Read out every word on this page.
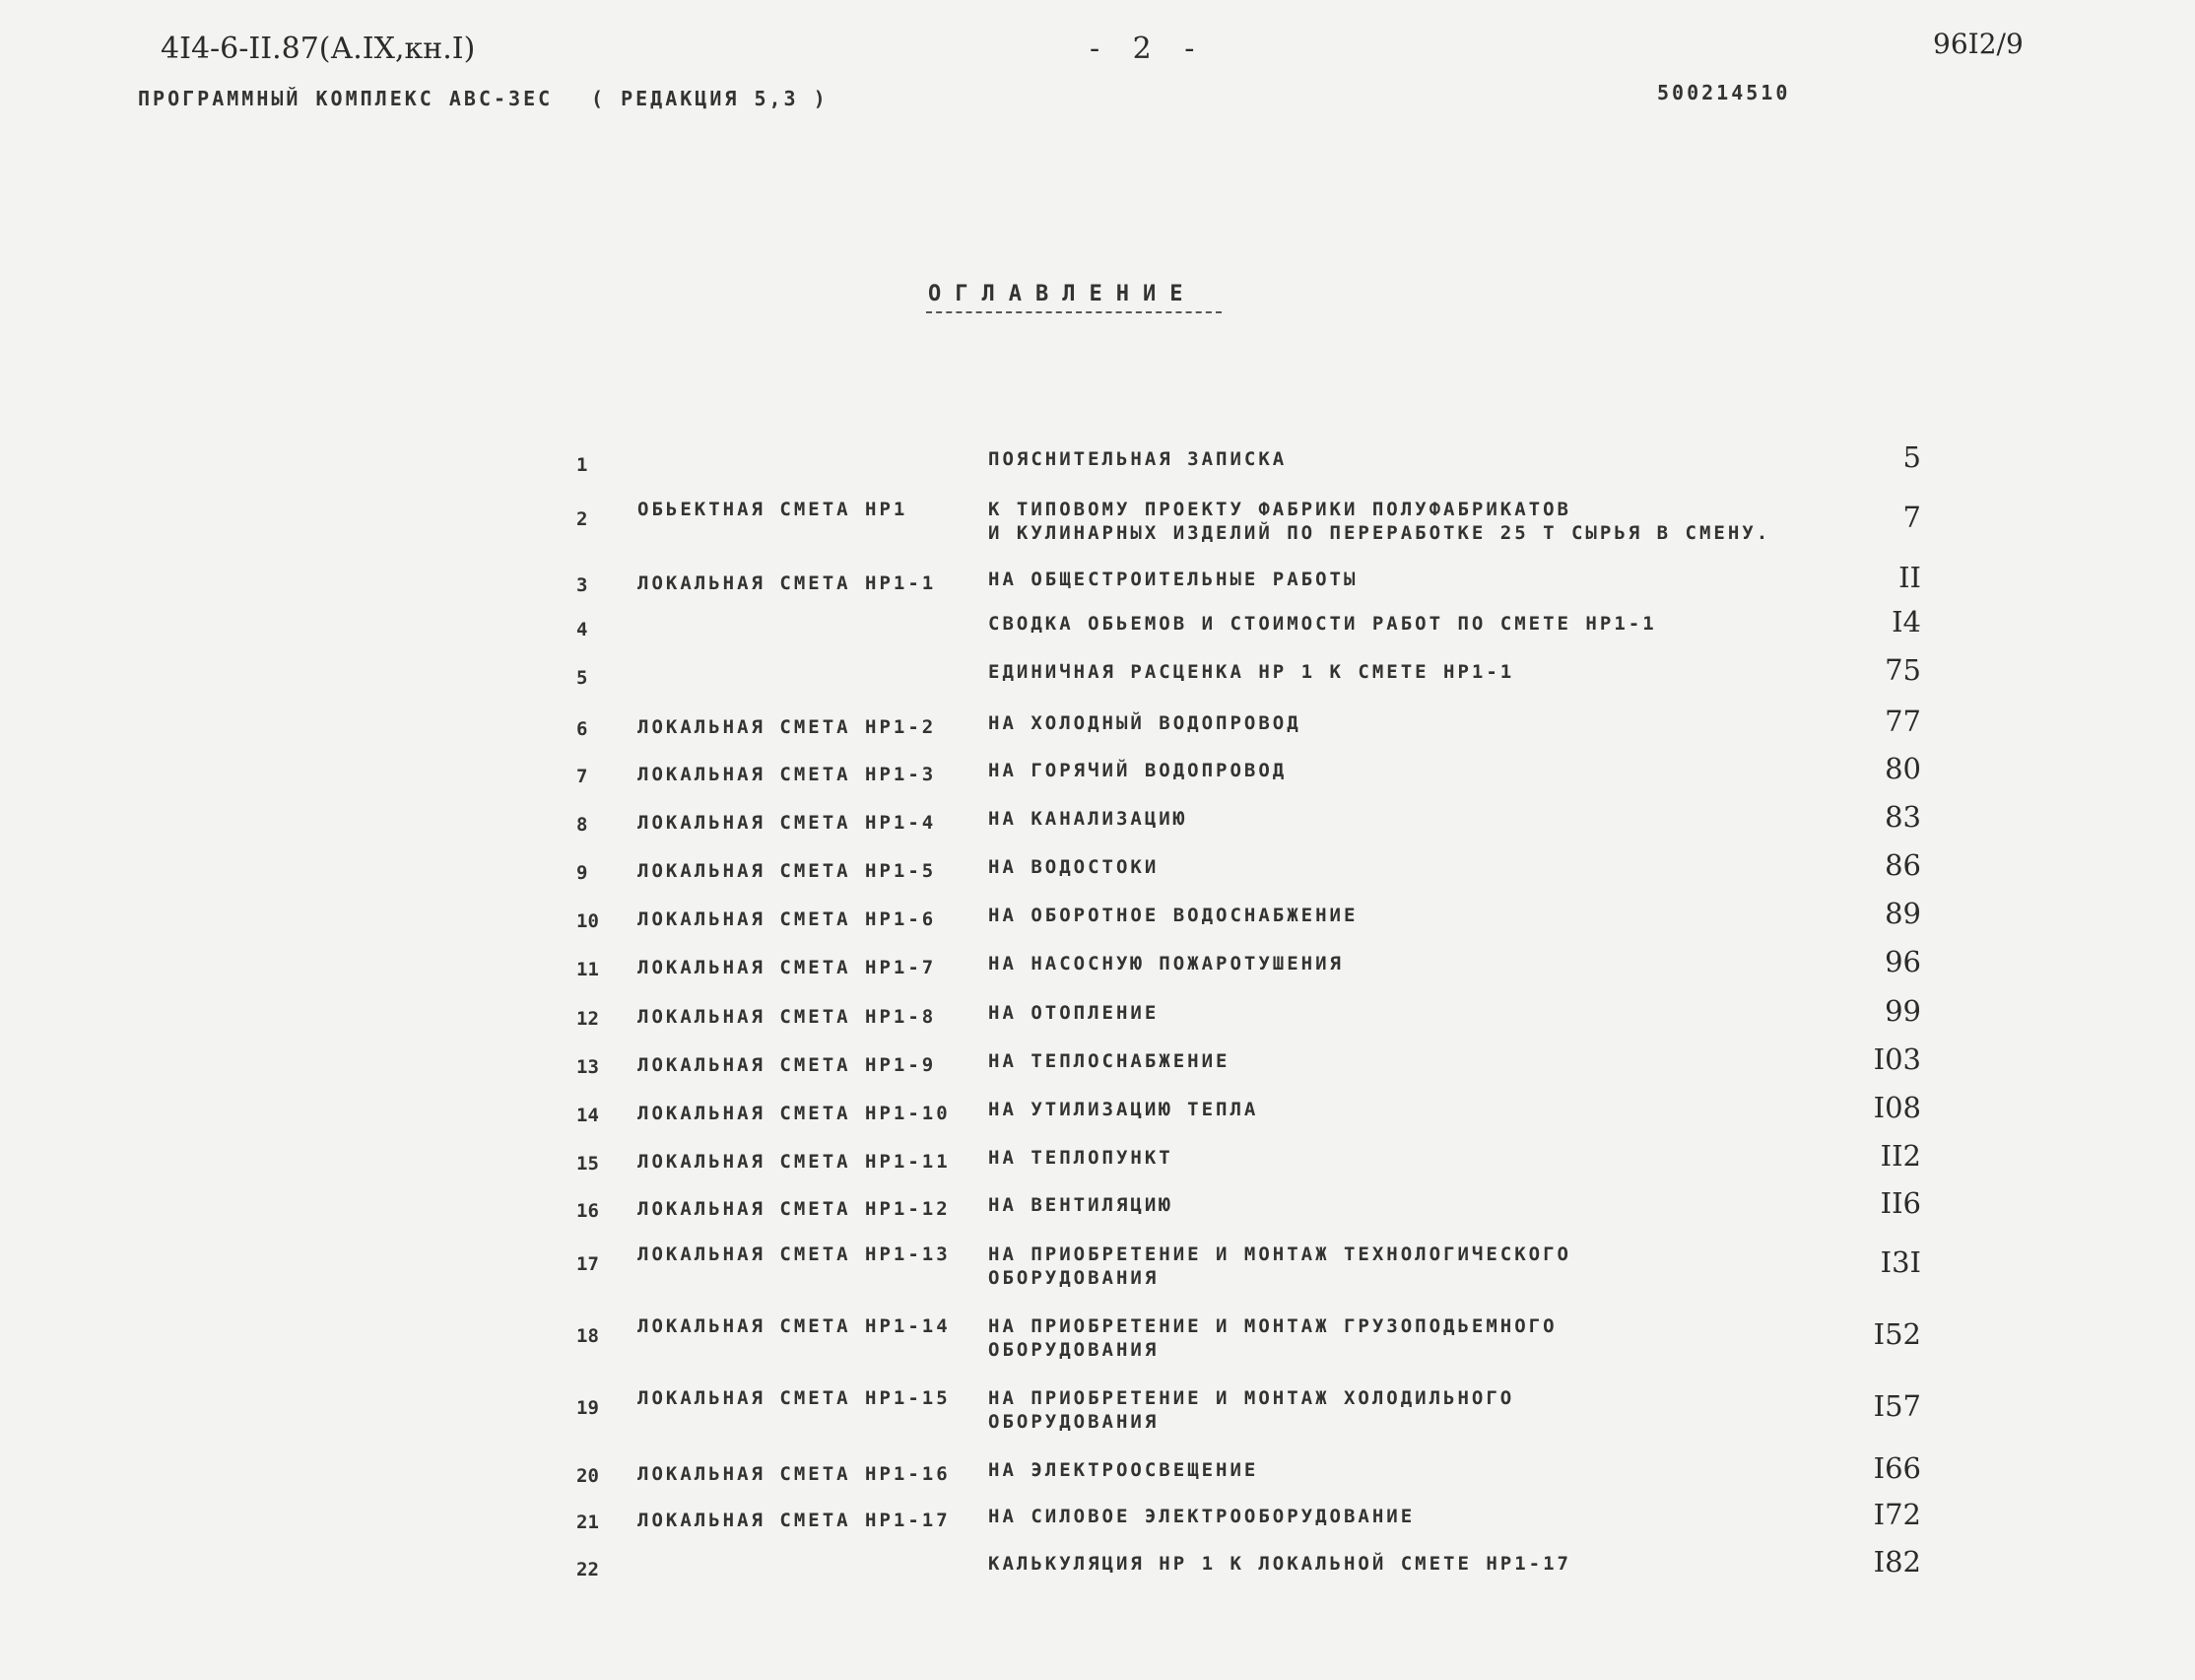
4I4-6-II.87(А.IX,кн.I)	- 2 -	96I2/9
ПРОГРАММНЫЙ КОМПЛЕКС АВС-ЗЕС ( РЕДАКЦИЯ 5,3 )	500214510
ОГЛАВЛЕНИЕ
1	ПОЯСНИТЕЛЬНАЯ ЗАПИСКА	5
2	ОБЬЕКТНАЯ СМЕТА НР1	К ТИПОВОМУ ПРОЕКТУ ФАБРИКИ ПОЛУФАБРИКАТОВ
И КУЛИНАРНЫХ ИЗДЕЛИЙ ПО ПЕРЕРАБОТКЕ 25 Т СЫРЬЯ В СМЕНУ.	7
3	ЛОКАЛЬНАЯ СМЕТА НР1-1	НА ОБЩЕСТРОИТЕЛЬНЫЕ РАБОТЫ	II
4	СВОДКА ОБЬЕМОВ И СТОИМОСТИ РАБОТ ПО СМЕТЕ НР1-1	I4
5	ЕДИНИЧНАЯ РАСЦЕНКА НР 1 К СМЕТЕ НР1-1	75
6	ЛОКАЛЬНАЯ СМЕТА НР1-2	НА ХОЛОДНЫЙ ВОДОПРОВОД	77
7	ЛОКАЛЬНАЯ СМЕТА НР1-3	НА ГОРЯЧИЙ ВОДОПРОВОД	80
8	ЛОКАЛЬНАЯ СМЕТА НР1-4	НА КАНАЛИЗАЦИЮ	83
9	ЛОКАЛЬНАЯ СМЕТА НР1-5	НА ВОДОСТОКИ	86
10 ЛОКАЛЬНАЯ СМЕТА НР1-6	НА ОБОРОТНОЕ ВОДОСНАБЖЕНИЕ	89
11 ЛОКАЛЬНАЯ СМЕТА НР1-7	НА НАСОСНУЮ ПОЖАРОТУШЕНИЯ	96
12 ЛОКАЛЬНАЯ СМЕТА НР1-8	НА ОТОПЛЕНИЕ	99
13 ЛОКАЛЬНАЯ СМЕТА НР1-9	НА ТЕПЛОСНАБЖЕНИЕ	I03
14 ЛОКАЛЬНАЯ СМЕТА НР1-10 НА УТИЛИЗАЦИЮ ТЕПЛА	I08
15 ЛОКАЛЬНАЯ СМЕТА НР1-11 НА ТЕПЛОПУНКТ	II2
16 ЛОКАЛЬНАЯ СМЕТА НР1-12 НА ВЕНТИЛЯЦИЮ	II6
17 ЛОКАЛЬНАЯ СМЕТА НР1-13 НА ПРИОБРЕТЕНИЕ И МОНТАЖ ТЕХНОЛОГИЧЕСКОГО
ОБОРУДОВАНИЯ	I3I
18 ЛОКАЛЬНАЯ СМЕТА НР1-14 НА ПРИОБРЕТЕНИЕ И МОНТАЖ ГРУЗОПОДЬЕМНОГО
ОБОРУДОВАНИЯ	I52
19 ЛОКАЛЬНАЯ СМЕТА НР1-15 НА ПРИОБРЕТЕНИЕ И МОНТАЖ ХОЛОДИЛЬНОГО
ОБОРУДОВАНИЯ	I57
20 ЛОКАЛЬНАЯ СМЕТА НР1-16 НА ЭЛЕКТРООСВЕЩЕНИЕ	I66
21 ЛОКАЛЬНАЯ СМЕТА НР1-17 НА СИЛОВОЕ ЭЛЕКТРООБОРУДОВАНИЕ	I72
22	КАЛЬКУЛЯЦИЯ НР 1 К ЛОКАЛЬНОЙ СМЕТЕ НР1-17	I82
